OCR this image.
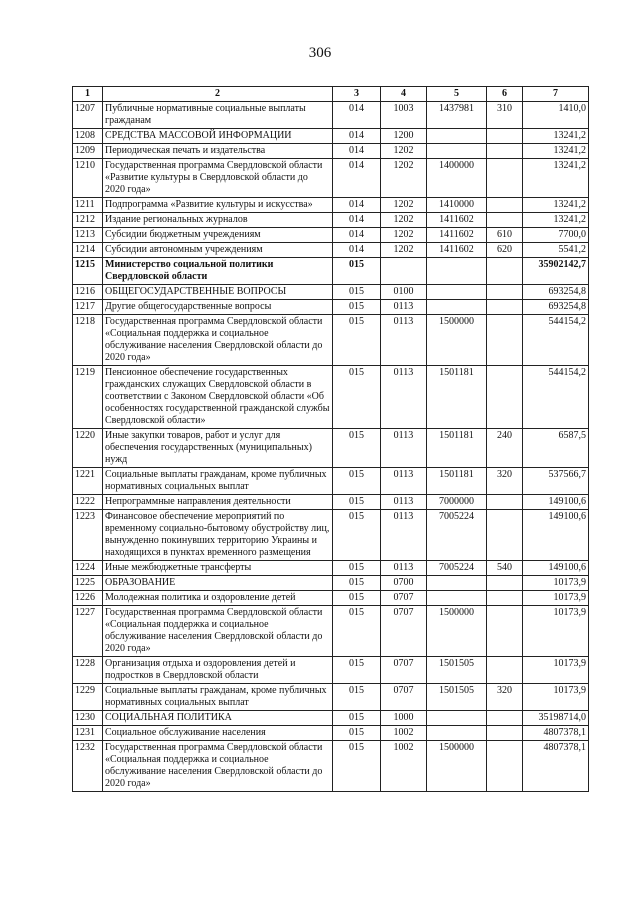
306
1	2	3	4	5	6	7
1207	Публичные нормативные социальные выплаты гражданам	014	1003	1437981	310	1410,0
1208	СРЕДСТВА МАССОВОЙ ИНФОРМАЦИИ	014	1200			13241,2
1209	Периодическая печать и издательства	014	1202			13241,2
1210	Государственная программа Свердловской области «Развитие культуры в Свердловской области до 2020 года»	014	1202	1400000		13241,2
1211	Подпрограмма «Развитие культуры и искусства»	014	1202	1410000		13241,2
1212	Издание региональных журналов	014	1202	1411602		13241,2
1213	Субсидии бюджетным учреждениям	014	1202	1411602	610	7700,0
1214	Субсидии автономным учреждениям	014	1202	1411602	620	5541,2
1215	Министерство социальной политики Свердловской области	015				35902142,7
1216	ОБЩЕГОСУДАРСТВЕННЫЕ ВОПРОСЫ	015	0100			693254,8
1217	Другие общегосударственные вопросы	015	0113			693254,8
1218	Государственная программа Свердловской области «Социальная поддержка и социальное обслуживание населения Свердловской области до 2020 года»	015	0113	1500000		544154,2
1219	Пенсионное обеспечение государственных гражданских служащих Свердловской области в соответствии с Законом Свердловской области «Об особенностях государственной гражданской службы Свердловской области»	015	0113	1501181		544154,2
1220	Иные закупки товаров, работ и услуг для обеспечения государственных (муниципальных) нужд	015	0113	1501181	240	6587,5
1221	Социальные выплаты гражданам, кроме публичных нормативных социальных выплат	015	0113	1501181	320	537566,7
1222	Непрограммные направления деятельности	015	0113	7000000		149100,6
1223	Финансовое обеспечение мероприятий по временному социально-бытовому обустройству лиц, вынужденно покинувших территорию Украины и находящихся в пунктах временного размещения	015	0113	7005224		149100,6
1224	Иные межбюджетные трансферты	015	0113	7005224	540	149100,6
1225	ОБРАЗОВАНИЕ	015	0700			10173,9
1226	Молодежная политика и оздоровление детей	015	0707			10173,9
1227	Государственная программа Свердловской области «Социальная поддержка и социальное обслуживание населения Свердловской области до 2020 года»	015	0707	1500000		10173,9
1228	Организация отдыха и оздоровления детей и подростков в Свердловской области	015	0707	1501505		10173,9
1229	Социальные выплаты гражданам, кроме публичных нормативных социальных выплат	015	0707	1501505	320	10173,9
1230	СОЦИАЛЬНАЯ ПОЛИТИКА	015	1000			35198714,0
1231	Социальное обслуживание населения	015	1002			4807378,1
1232	Государственная программа Свердловской области «Социальная поддержка и социальное обслуживание населения Свердловской области до 2020 года»	015	1002	1500000		4807378,1
